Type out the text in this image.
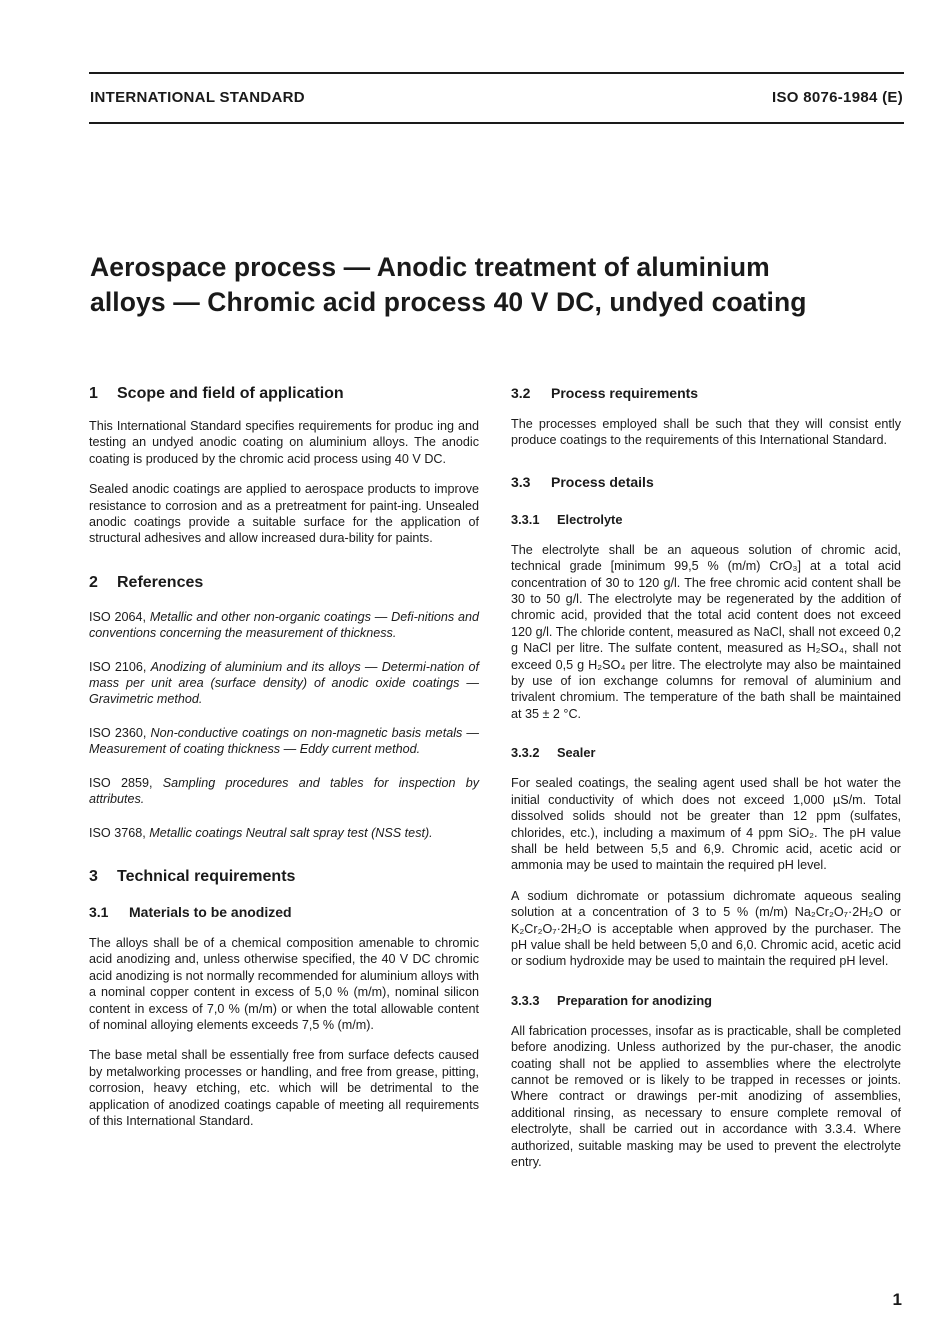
INTERNATIONAL STANDARD	ISO 8076-1984 (E)
Aerospace process — Anodic treatment of aluminium
alloys — Chromic acid process 40 V DC, undyed coating
1 Scope and field of application

This International Standard specifies requirements for produc ing and testing an undyed anodic coating on aluminium alloys. The anodic coating is produced by the chromic acid process using 40 V DC.

Sealed anodic coatings are applied to aerospace products to improve resistance to corrosion and as a pretreatment for paint-ing. Unsealed anodic coatings provide a suitable surface for the application of structural adhesives and allow increased dura-bility for paints.

2 References

ISO 2064, Metallic and other non-organic coatings — Defi-nitions and conventions concerning the measurement of thickness.

ISO 2106, Anodizing of aluminium and its alloys — Determi-nation of mass per unit area (surface density) of anodic oxide coatings — Gravimetric method.

ISO 2360, Non-conductive coatings on non-magnetic basis metals — Measurement of coating thickness — Eddy current method.

ISO 2859, Sampling procedures and tables for inspection by attributes.

ISO 3768, Metallic coatings Neutral salt spray test (NSS test).

3 Technical requirements
3.1 Materials to be anodized

The alloys shall be of a chemical composition amenable to chromic acid anodizing and, unless otherwise specified, the 40 V DC chromic acid anodizing is not normally recommended for aluminium alloys with a nominal copper content in excess of 5,0 % (m/m), nominal silicon content in excess of 7,0 % (m/m) or when the total allowable content of nominal alloying elements exceeds 7,5 % (m/m).

The base metal shall be essentially free from surface defects caused by metalworking processes or handling, and free from grease, pitting, corrosion, heavy etching, etc. which will be detrimental to the application of anodized coatings capable of meeting all requirements of this International Standard.

3.2 Process requirements

The processes employed shall be such that they will consist ently produce coatings to the requirements of this International Standard.

3.3 Process details
3.3.1 Electrolyte

The electrolyte shall be an aqueous solution of chromic acid, technical grade [minimum 99,5 % (m/m) CrO₃] at a total acid concentration of 30 to 120 g/l. The free chromic acid content shall be 30 to 50 g/l. The electrolyte may be regenerated by the addition of chromic acid, provided that the total acid content does not exceed 120 g/l. The chloride content, measured as NaCl, shall not exceed 0,2 g NaCl per litre. The sulfate content, measured as H₂SO₄, shall not exceed 0,5 g H₂SO₄ per litre. The electrolyte may also be maintained by use of ion exchange columns for removal of aluminium and trivalent chromium. The temperature of the bath shall be maintained at 35 ± 2 °C.

3.3.2 Sealer

For sealed coatings, the sealing agent used shall be hot water the initial conductivity of which does not exceed 1,000 µS/m. Total dissolved solids should not be greater than 12 ppm (sulfates, chlorides, etc.), including a maximum of 4 ppm SiO₂. The pH value shall be held between 5,5 and 6,9. Chromic acid, acetic acid or ammonia may be used to maintain the required pH level.

A sodium dichromate or potassium dichromate aqueous sealing solution at a concentration of 3 to 5 % (m/m) Na₂Cr₂O₇·2H₂O or K₂Cr₂O₇·2H₂O is acceptable when approved by the purchaser. The pH value shall be held between 5,0 and 6,0. Chromic acid, acetic acid or sodium hydroxide may be used to maintain the required pH level.

3.3.3 Preparation for anodizing

All fabrication processes, insofar as is practicable, shall be completed before anodizing. Unless authorized by the pur-chaser, the anodic coating shall not be applied to assemblies where the electrolyte cannot be removed or is likely to be trapped in recesses or joints. Where contract or drawings per-mit anodizing of assemblies, additional rinsing, as necessary to ensure complete removal of electrolyte, shall be carried out in accordance with 3.3.4. Where authorized, suitable masking may be used to prevent the electrolyte entry.

1
